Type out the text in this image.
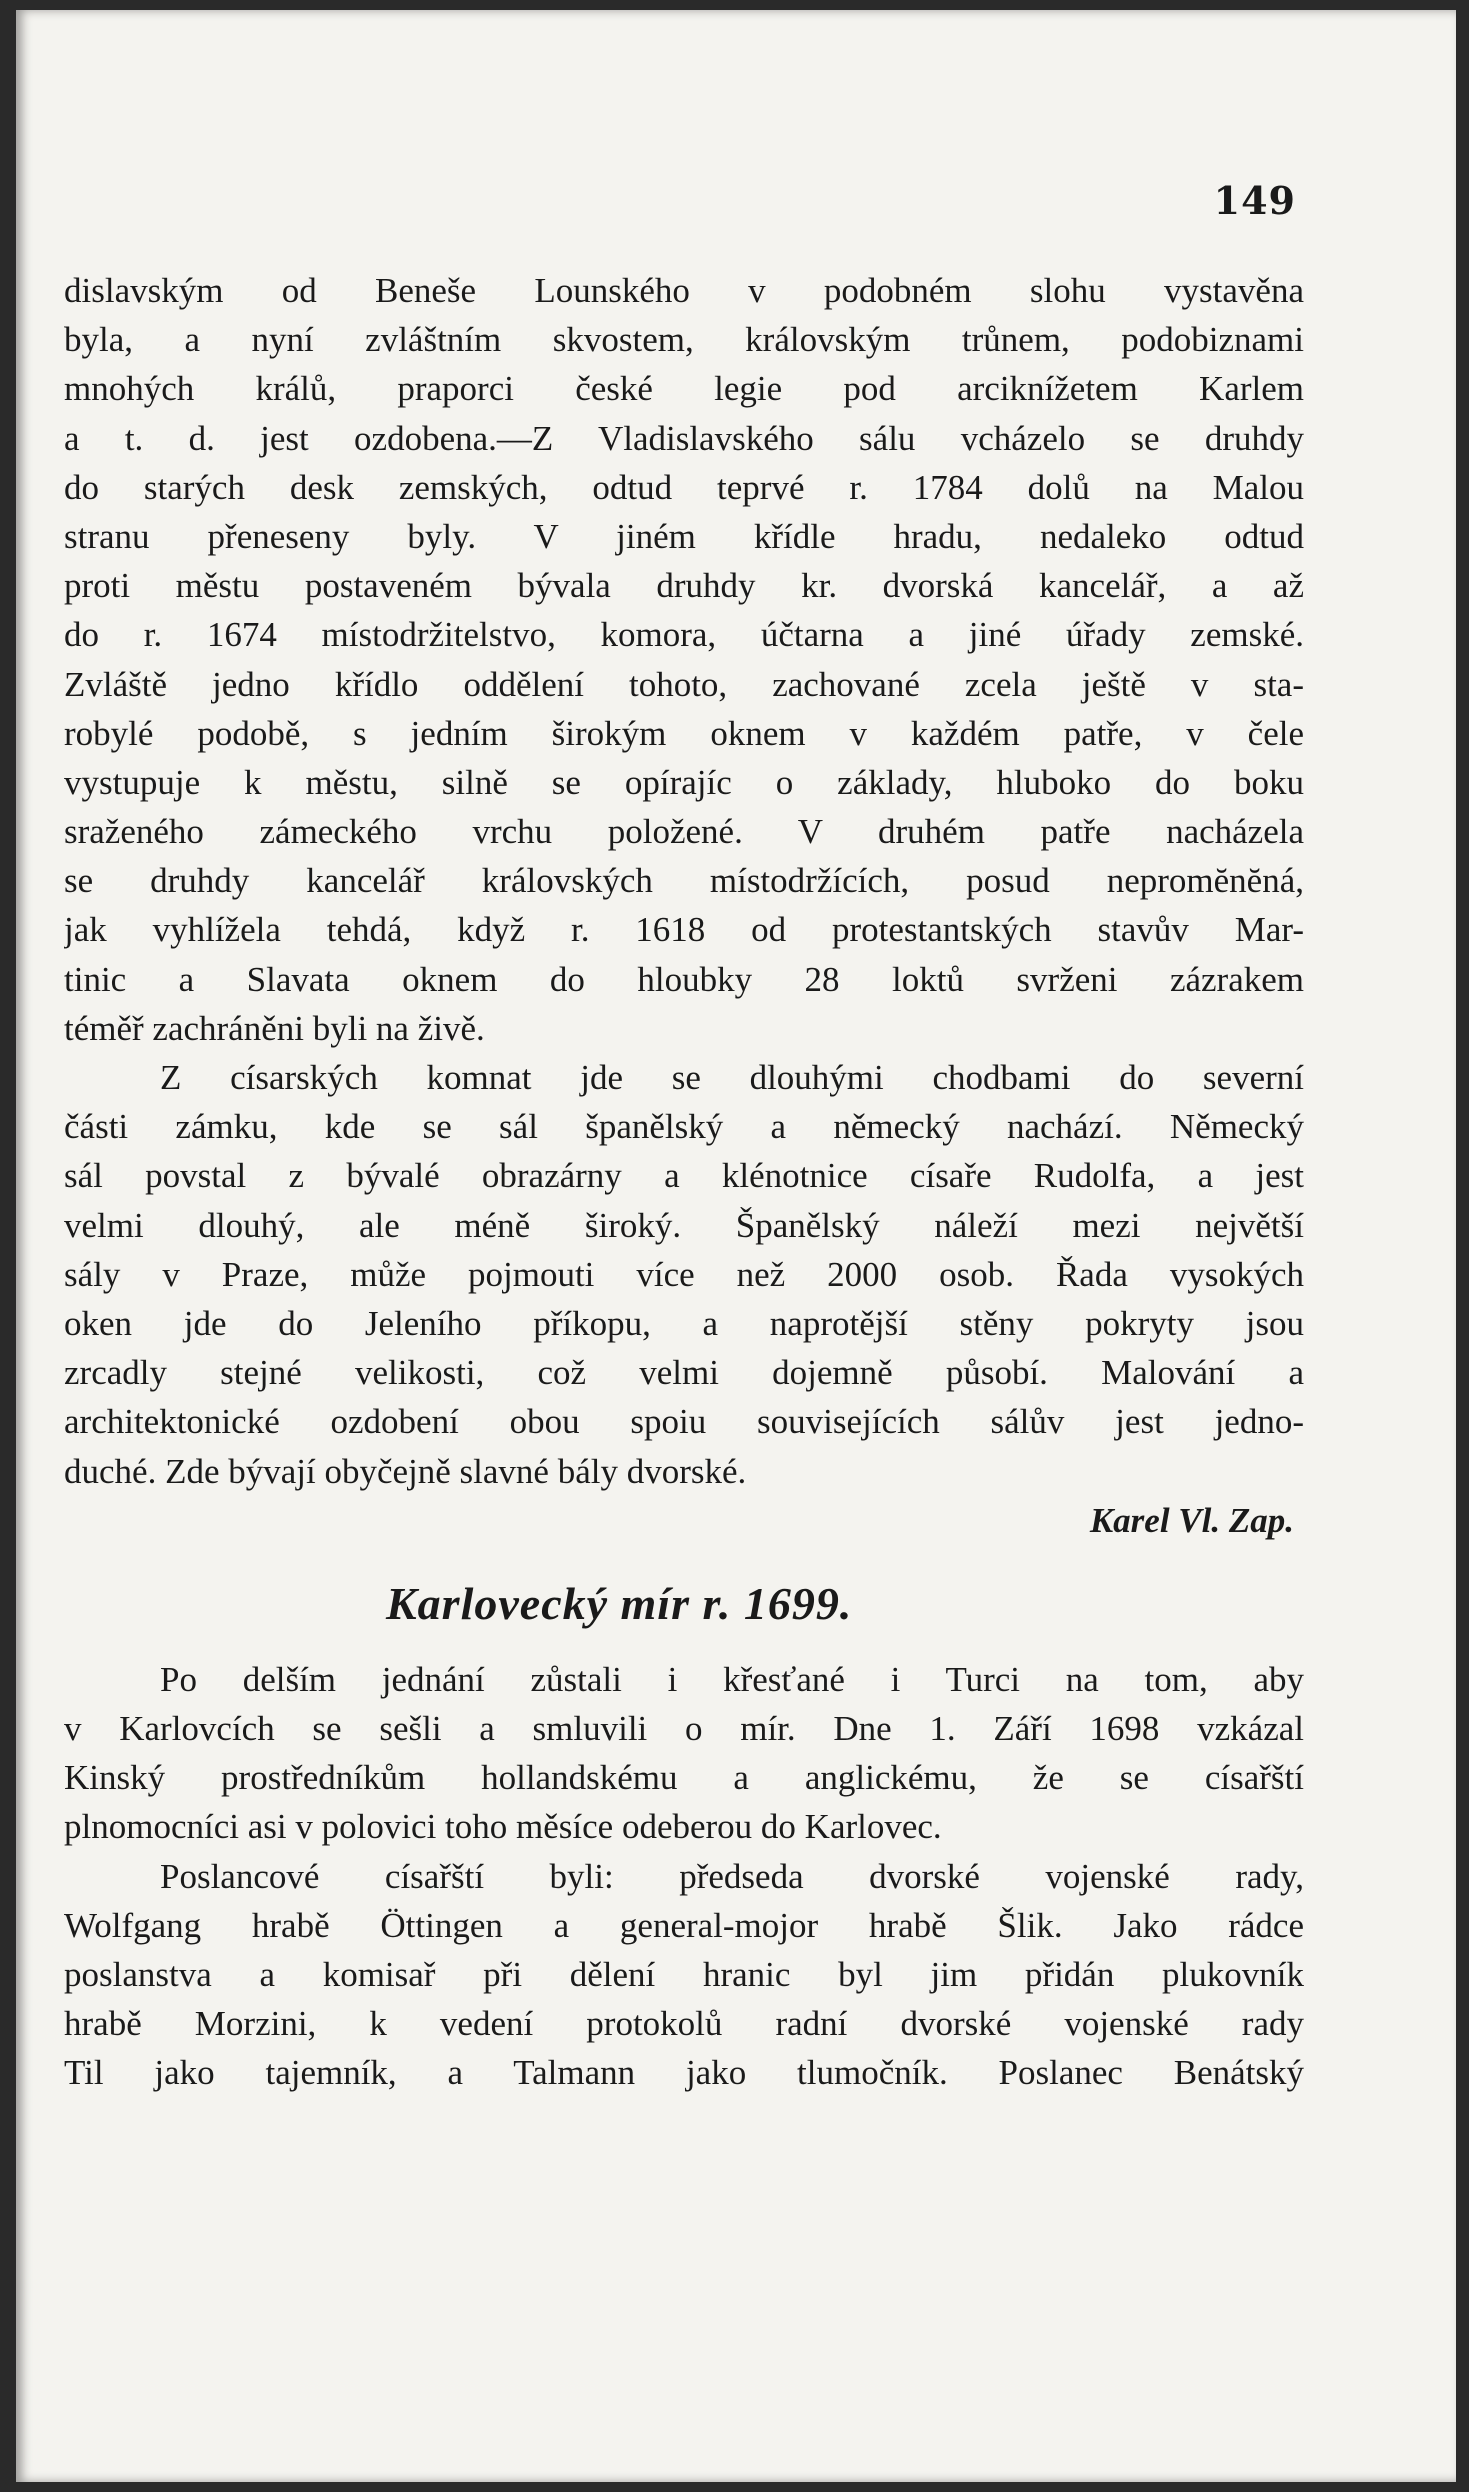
149
dislavským od Beneše Lounského v podobném slohu vystavěna
byla, a nyní zvláštním skvostem, královským trůnem, podobiznami
mnohých králů, praporci české legie pod arciknížetem Karlem
a t. d. jest ozdobena.—Z Vladislavského sálu vcházelo se druhdy
do starých desk zemských, odtud teprvé r. 1784 dolů na Malou
stranu přeneseny byly. V jiném křídle hradu, nedaleko odtud
proti městu postaveném bývala druhdy kr. dvorská kancelář, a až
do r. 1674 místodržitelstvo, komora, účtarna a jiné úřady zemské.
Zvláště jedno křídlo oddělení tohoto, zachované zcela ještě v sta-
robylé podobě, s jedním širokým oknem v každém patře, v čele
vystupuje k městu, silně se opírajíc o základy, hluboko do boku
sraženého zámeckého vrchu položené. V druhém patře nacházela
se druhdy kancelář královských místodržících, posud nepromĕnĕná,
jak vyhlížela tehdá, když r. 1618 od protestantských stavův Mar-
tinic a Slavata oknem do hloubky 28 loktů svrženi zázrakem
téměř zachráněni byli na živě.
Z císarských komnat jde se dlouhými chodbami do severní
části zámku, kde se sál španělský a německý nachází. Německý
sál povstal z bývalé obrazárny a klénotnice císaře Rudolfa, a jest
velmi dlouhý, ale méně široký. Španělský náleží mezi největší
sály v Praze, může pojmouti více než 2000 osob. Řada vysokých
oken jde do Jeleního příkopu, a naprotější stěny pokryty jsou
zrcadly stejné velikosti, což velmi dojemně působí. Malování a
architektonické ozdobení obou spoiu souvisejících sálův jest jedno-
duché. Zde bývají obyčejně slavné bály dvorské.
Karel Vl. Zap.
Karlovecký mír r. 1699.
Po delším jednání zůstali i křesťané i Turci na tom, aby
v Karlovcích se sešli a smluvili o mír. Dne 1. Září 1698 vzkázal
Kinský prostředníkům hollandskému a anglickému, že se císařští
plnomocníci asi v polovici toho měsíce odeberou do Karlovec.
Poslancové císařští byli: předseda dvorské vojenské rady,
Wolfgang hrabě Öttingen a general-mojor hrabě Šlik. Jako rádce
poslanstva a komisař při dělení hranic byl jim přidán plukovník
hrabě Morzini, k vedení protokolů radní dvorské vojenské rady
Til jako tajemník, a Talmann jako tlumočník. Poslanec Benátský
